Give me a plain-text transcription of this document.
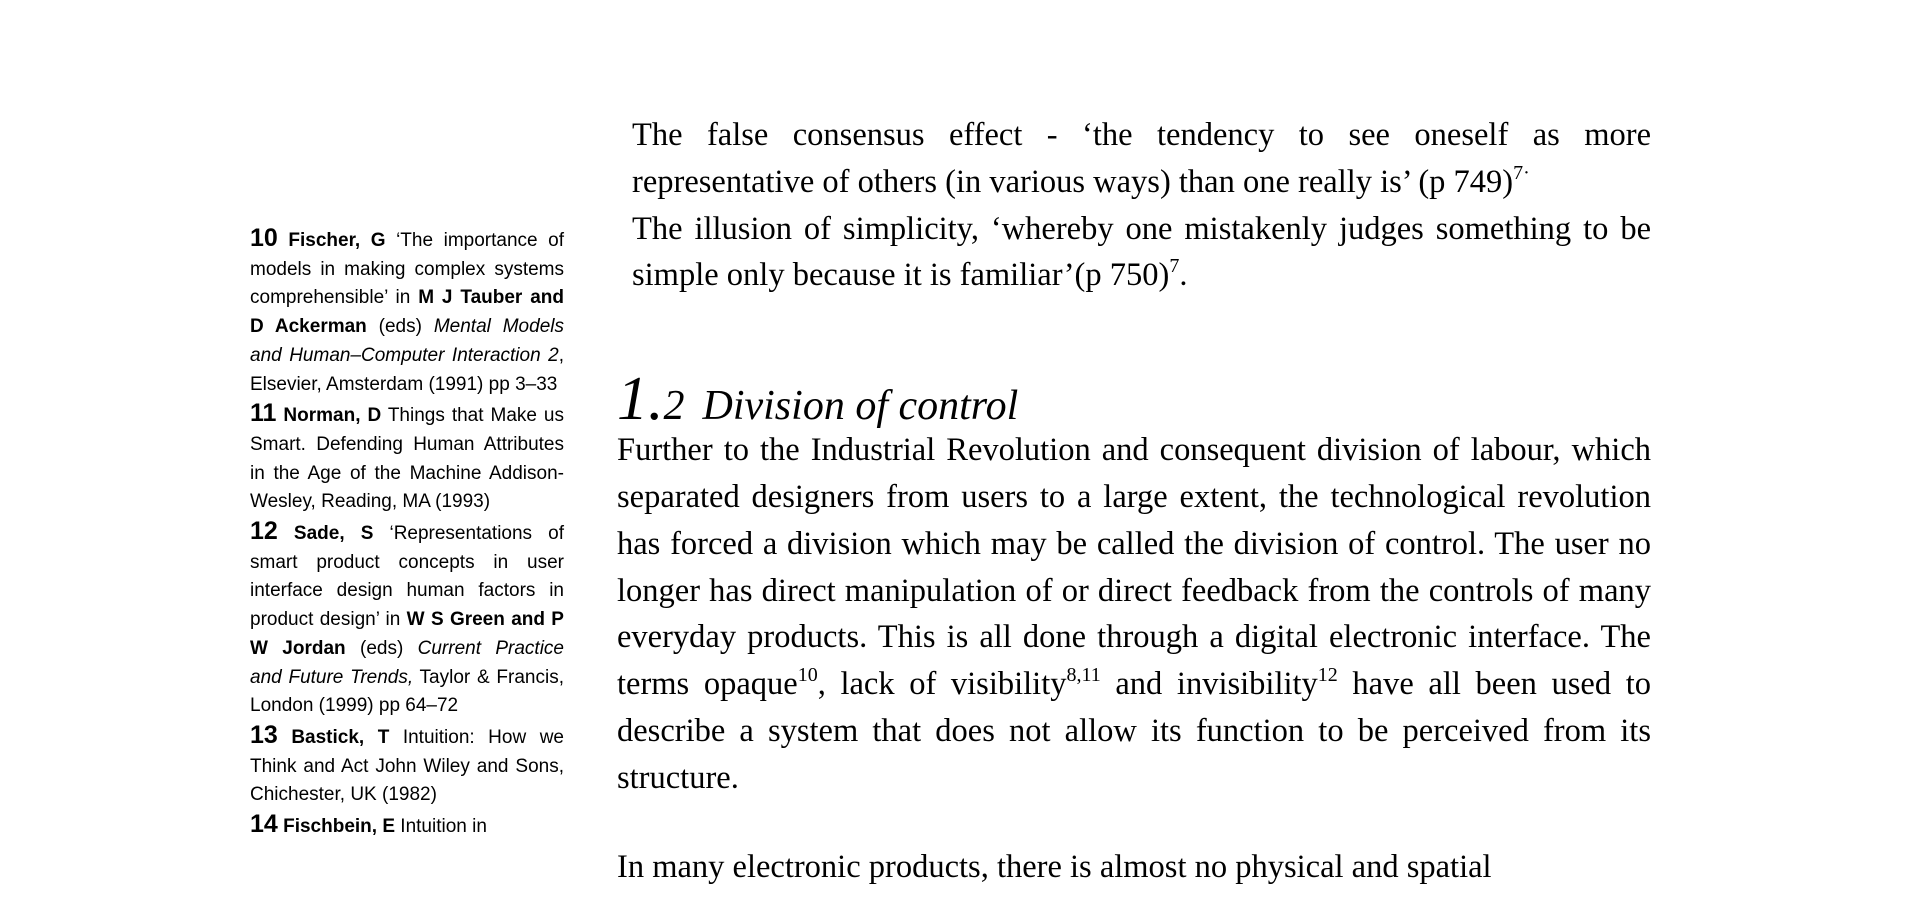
10 Fischer, G ‘The importance of models in making complex systems comprehensible’ in M J Tauber and D Ackerman (eds) Mental Models and Human–Computer Interaction 2, Elsevier, Amsterdam (1991) pp 3–33

11 Norman, D Things that Make us Smart. Defending Human Attributes in the Age of the Machine Addison-Wesley, Reading, MA (1993)

12 Sade, S ‘Representations of smart product concepts in user interface design human factors in product design’ in W S Green and P W Jordan (eds) Current Practice and Future Trends, Taylor & Francis, London (1999) pp 64–72

13 Bastick, T Intuition: How we Think and Act John Wiley and Sons, Chichester, UK (1982)

14 Fischbein, E Intuition in

The false consensus effect - ‘the tendency to see oneself as more representative of others (in various ways) than one really is’ (p 749)$^{7\cdot}$

The illusion of simplicity, ‘whereby one mistakenly judges something to be simple only because it is familiar’(p 750)$^7$.

1.2 Division of control

Further to the Industrial Revolution and consequent division of labour, which separated designers from users to a large extent, the technological revolution has forced a division which may be called the division of control. The user no longer has direct manipulation of or direct feedback from the controls of many everyday products. This is all done through a digital electronic interface. The terms opaque$^{10}$, lack of visibility$^{8,11}$ and invisibility$^{12}$ have all been used to describe a system that does not allow its function to be perceived from its structure.

In many electronic products, there is almost no physical and spatial
